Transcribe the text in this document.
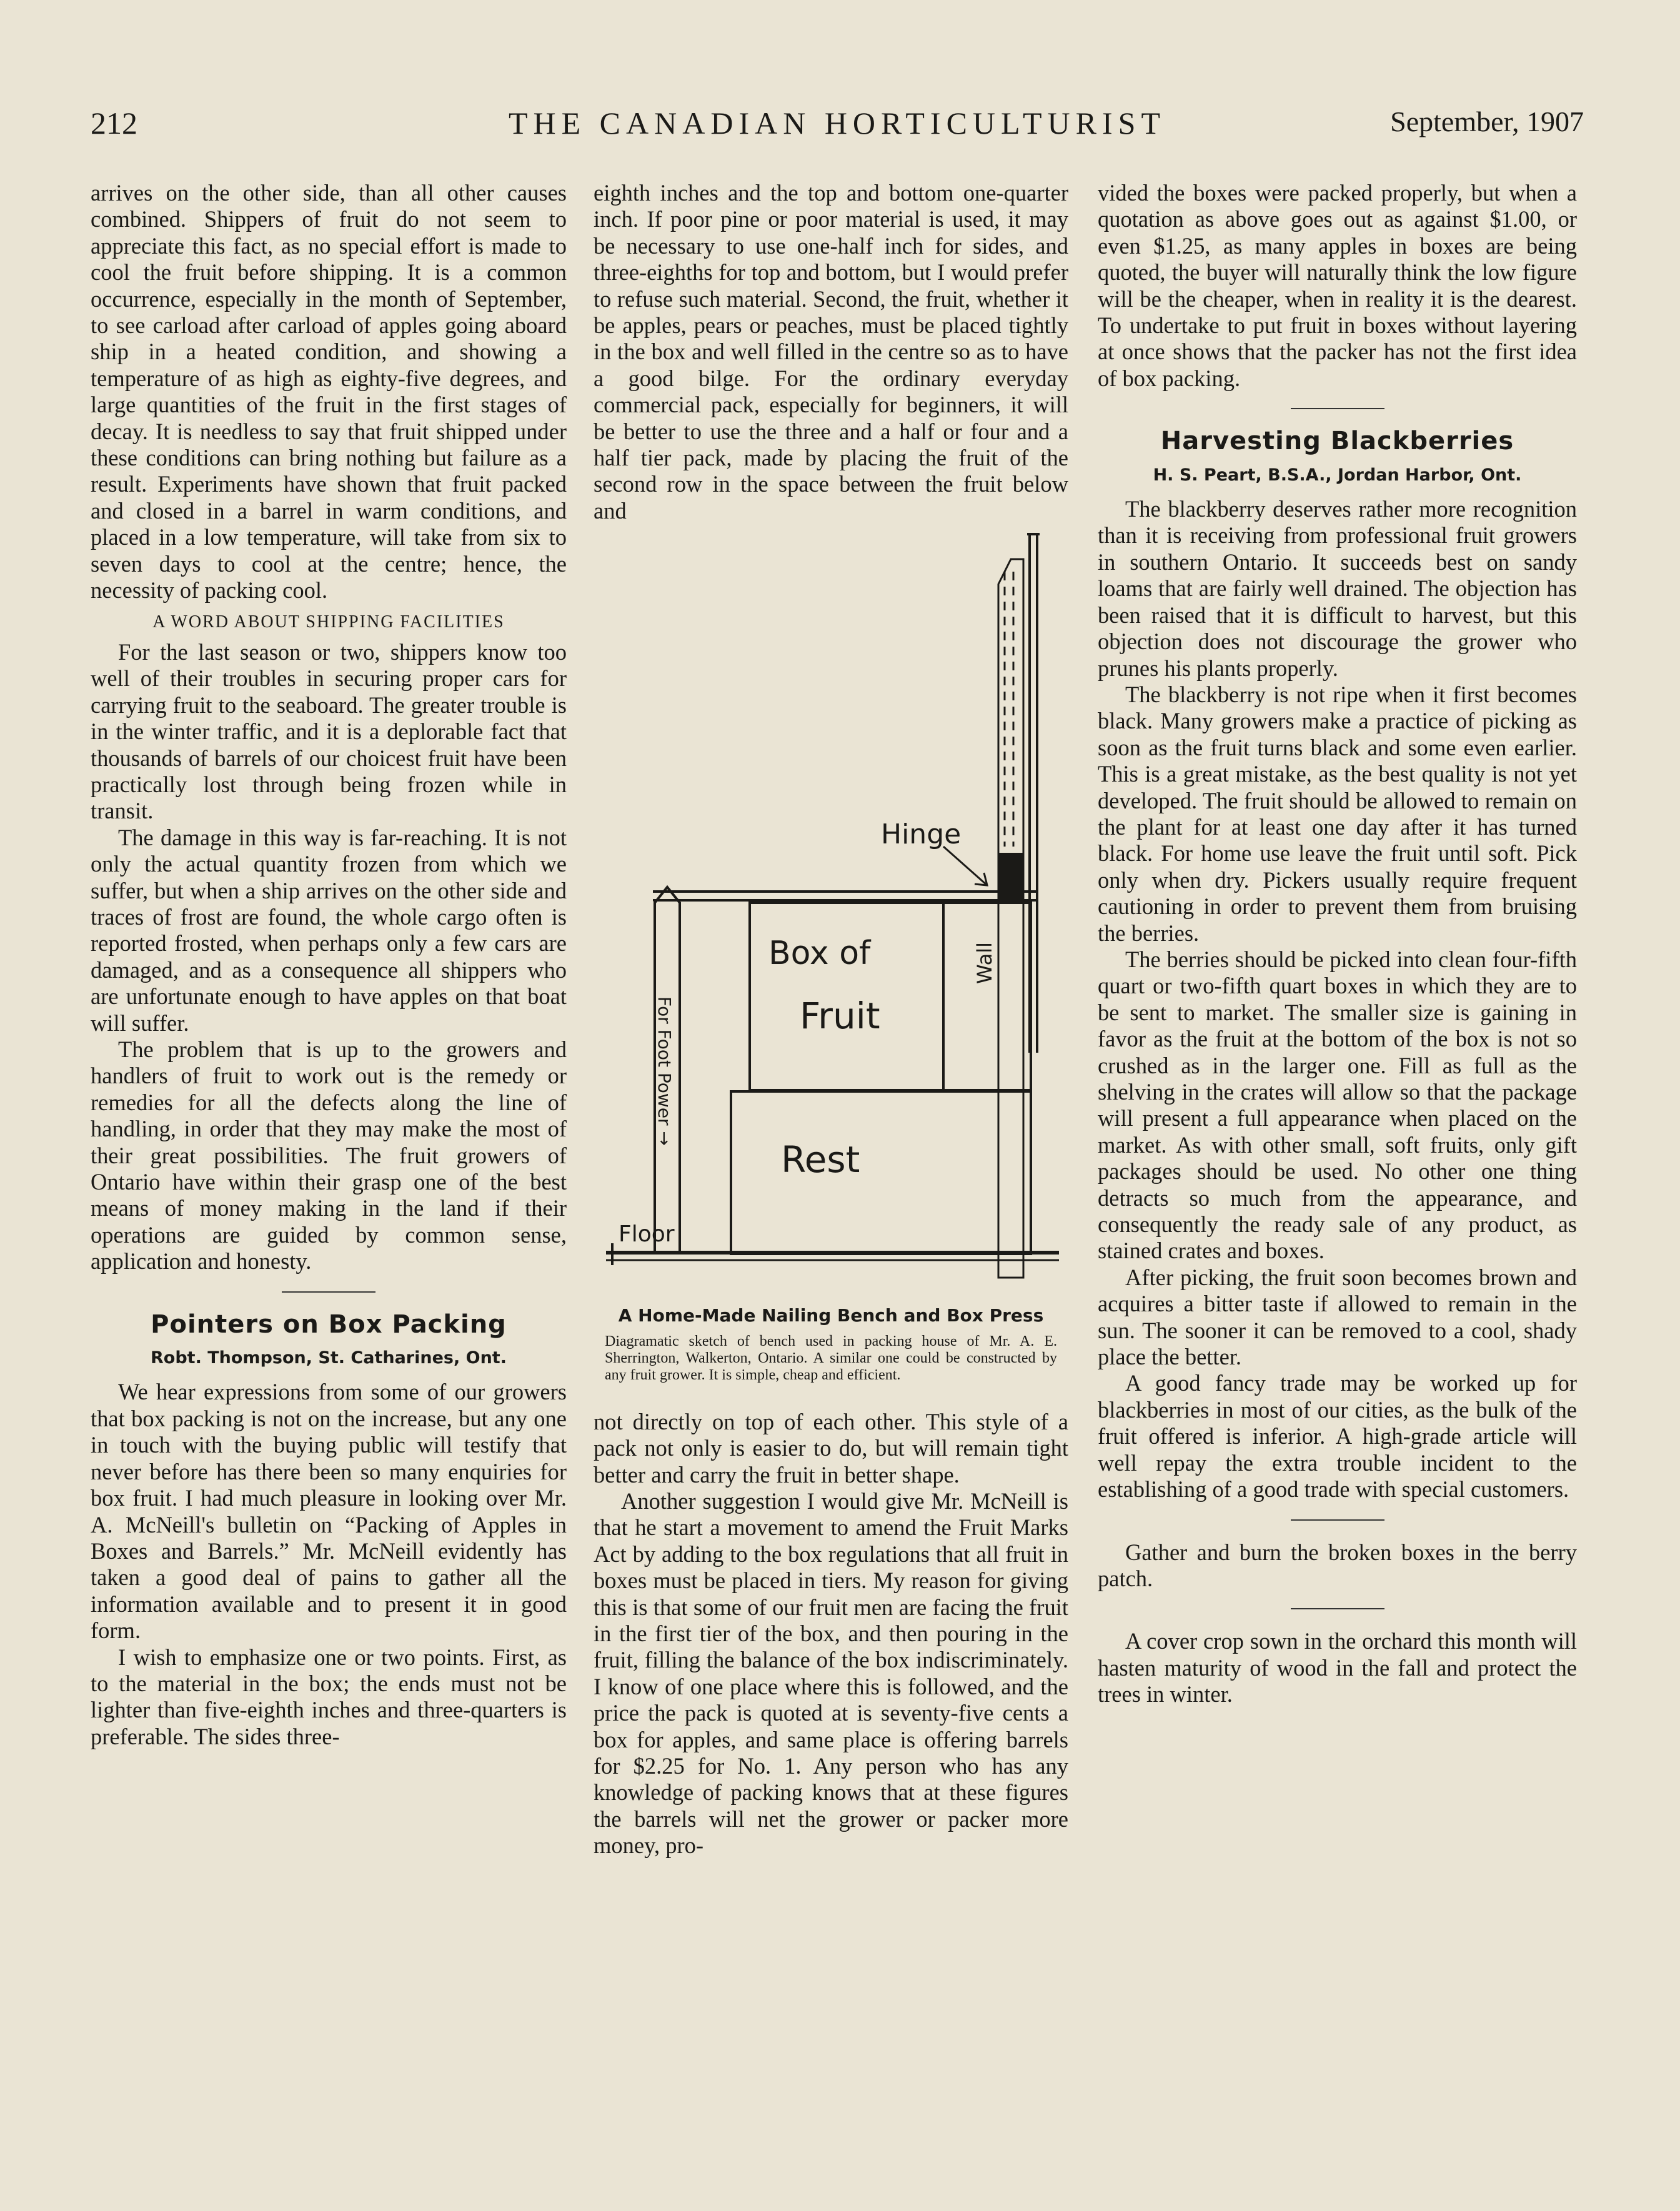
212	THE CANADIAN HORTICULTURIST	September, 1907

arrives on the other side, than all other causes combined. Shippers of fruit do not seem to appreciate this fact, as no special effort is made to cool the fruit before shipping. It is a common occurrence, especially in the month of September, to see carload after carload of apples going aboard ship in a heated condition, and showing a temperature of as high as eighty-five degrees, and large quantities of the fruit in the first stages of decay. It is needless to say that fruit shipped under these conditions can bring nothing but failure as a result. Experiments have shown that fruit packed and closed in a barrel in warm conditions, and placed in a low temperature, will take from six to seven days to cool at the centre; hence, the necessity of packing cool.

A WORD ABOUT SHIPPING FACILITIES

For the last season or two, shippers know too well of their troubles in securing proper cars for carrying fruit to the seaboard. The greater trouble is in the winter traffic, and it is a deplorable fact that thousands of barrels of our choicest fruit have been practically lost through being frozen while in transit.

The damage in this way is far-reaching. It is not only the actual quantity frozen from which we suffer, but when a ship arrives on the other side and traces of frost are found, the whole cargo often is reported frosted, when perhaps only a few cars are damaged, and as a consequence all shippers who are unfortunate enough to have apples on that boat will suffer.

The problem that is up to the growers and handlers of fruit to work out is the remedy or remedies for all the defects along the line of handling, in order that they may make the most of their great possibilities. The fruit growers of Ontario have within their grasp one of the best means of money making in the land if their operations are guided by common sense, application and honesty.

Pointers on Box Packing
Robt. Thompson, St. Catharines, Ont.

We hear expressions from some of our growers that box packing is not on the increase, but any one in touch with the buying public will testify that never before has there been so many enquiries for box fruit. I had much pleasure in looking over Mr. A. McNeill's bulletin on “Packing of Apples in Boxes and Barrels.” Mr. McNeill evidently has taken a good deal of pains to gather all the information available and to present it in good form.

I wish to emphasize one or two points. First, as to the material in the box; the ends must not be lighter than five-eighth inches and three-quarters is preferable. The sides three-

eighth inches and the top and bottom one-quarter inch. If poor pine or poor material is used, it may be necessary to use one-half inch for sides, and three-eighths for top and bottom, but I would prefer to refuse such material. Second, the fruit, whether it be apples, pears or peaches, must be placed tightly in the box and well filled in the centre so as to have a good bilge. For the ordinary everyday commercial pack, especially for beginners, it will be better to use the three and a half or four and a half tier pack, made by placing the fruit of the second row in the space between the fruit below and

Hinge
Box of
Fruit
Rest
Wall
Floor
For Foot Power →
A Home-Made Nailing Bench and Box Press
Diagramatic sketch of bench used in packing house of Mr. A. E. Sherrington, Walkerton, Ontario. A similar one could be constructed by any fruit grower. It is simple, cheap and efficient.

not directly on top of each other. This style of a pack not only is easier to do, but will remain tight better and carry the fruit in better shape.

Another suggestion I would give Mr. McNeill is that he start a movement to amend the Fruit Marks Act by adding to the box regulations that all fruit in boxes must be placed in tiers. My reason for giving this is that some of our fruit men are facing the fruit in the first tier of the box, and then pouring in the fruit, filling the balance of the box indiscriminately. I know of one place where this is followed, and the price the pack is quoted at is seventy-five cents a box for apples, and same place is offering barrels for $2.25 for No. 1. Any person who has any knowledge of packing knows that at these figures the barrels will net the grower or packer more money, pro-

vided the boxes were packed properly, but when a quotation as above goes out as against $1.00, or even $1.25, as many apples in boxes are being quoted, the buyer will naturally think the low figure will be the cheaper, when in reality it is the dearest. To undertake to put fruit in boxes without layering at once shows that the packer has not the first idea of box packing.

Harvesting Blackberries
H. S. Peart, B.S.A., Jordan Harbor, Ont.

The blackberry deserves rather more recognition than it is receiving from professional fruit growers in southern Ontario. It succeeds best on sandy loams that are fairly well drained. The objection has been raised that it is difficult to harvest, but this objection does not discourage the grower who prunes his plants properly.

The blackberry is not ripe when it first becomes black. Many growers make a practice of picking as soon as the fruit turns black and some even earlier. This is a great mistake, as the best quality is not yet developed. The fruit should be allowed to remain on the plant for at least one day after it has turned black. For home use leave the fruit until soft. Pick only when dry. Pickers usually require frequent cautioning in order to prevent them from bruising the berries.

The berries should be picked into clean four-fifth quart or two-fifth quart boxes in which they are to be sent to market. The smaller size is gaining in favor as the fruit at the bottom of the box is not so crushed as in the larger one. Fill as full as the shelving in the crates will allow so that the package will present a full appearance when placed on the market. As with other small, soft fruits, only gift packages should be used. No other one thing detracts so much from the appearance, and consequently the ready sale of any product, as stained crates and boxes.

After picking, the fruit soon becomes brown and acquires a bitter taste if allowed to remain in the sun. The sooner it can be removed to a cool, shady place the better.

A good fancy trade may be worked up for blackberries in most of our cities, as the bulk of the fruit offered is inferior. A high-grade article will well repay the extra trouble incident to the establishing of a good trade with special customers.

Gather and burn the broken boxes in the berry patch.

A cover crop sown in the orchard this month will hasten maturity of wood in the fall and protect the trees in winter.
